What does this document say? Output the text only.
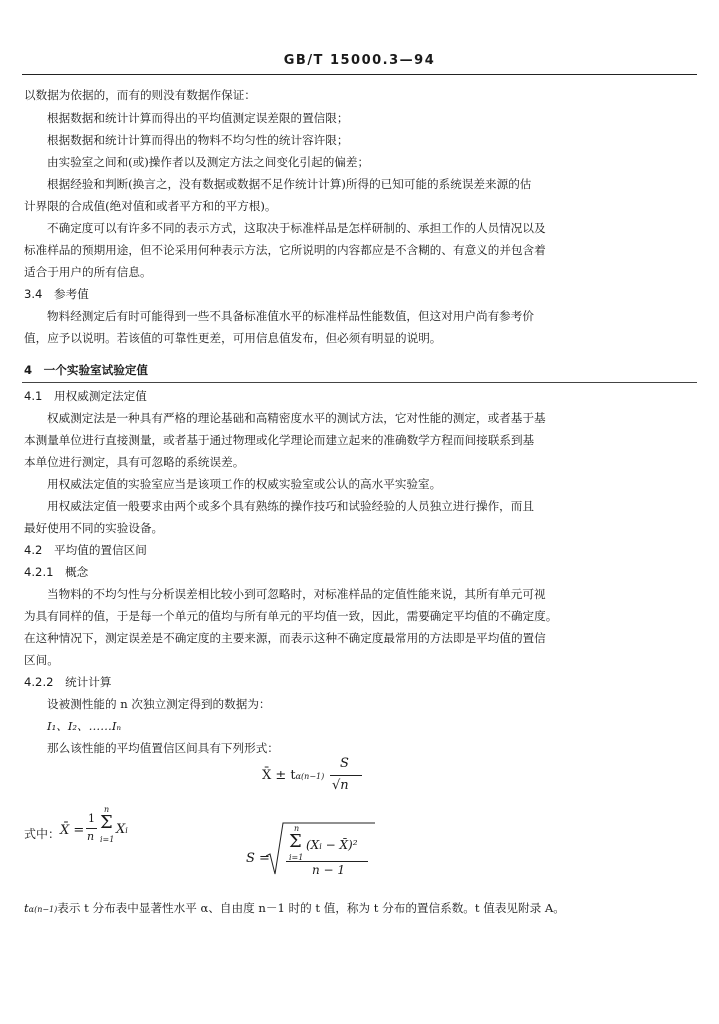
GB/T 15000.3—94
以数据为依据的，而有的则没有数据作保证：
根据数据和统计计算而得出的平均值测定误差限的置信限；
根据数据和统计计算而得出的物料不均匀性的统计容许限；
由实验室之间和(或)操作者以及测定方法之间变化引起的偏差；
根据经验和判断(换言之，没有数据或数据不足作统计计算)所得的已知可能的系统误差来源的估
计界限的合成值(绝对值和或者平方和的平方根)。
不确定度可以有许多不同的表示方式，这取决于标准样品是怎样研制的、承担工作的人员情况以及
标准样品的预期用途，但不论采用何种表示方法，它所说明的内容都应是不含糊的、有意义的并包含着
适合于用户的所有信息。
3.4　参考值
物料经测定后有时可能得到一些不具备标准值水平的标准样品性能数值，但这对用户尚有参考价
值，应予以说明。若该值的可靠性更差，可用信息值发布，但必须有明显的说明。
4　一个实验室试验定值
4.1　用权威测定法定值
权威测定法是一种具有严格的理论基础和高精密度水平的测试方法，它对性能的测定，或者基于基
本测量单位进行直接测量，或者基于通过物理或化学理论而建立起来的准确数学方程而间接联系到基
本单位进行测定，具有可忽略的系统误差。
用权威法定值的实验室应当是该项工作的权威实验室或公认的高水平实验室。
用权威法定值一般要求由两个或多个具有熟练的操作技巧和试验经验的人员独立进行操作，而且
最好使用不同的实验设备。
4.2　平均值的置信区间
4.2.1　概念
当物料的不均匀性与分析误差相比较小到可忽略时，对标准样品的定值性能来说，其所有单元可视
为具有同样的值，于是每一个单元的值均与所有单元的平均值一致，因此，需要确定平均值的不确定度。
在这种情况下，测定误差是不确定度的主要来源，而表示这种不确定度最常用的方法即是平均值的置信
区间。
4.2.2　统计计算
设被测性能的 n 次独立测定得到的数据为：
I₁、I₂、……Iₙ
那么该性能的平均值置信区间具有下列形式：
X̄ ± tα(n−1)
S
√n
式中： X̄ =
1
n
n
Σ
i=1
Xi
S =
n
Σ
i=1
(Xi − X̄)²
n − 1
tα(n−1)表示 t 分布表中显著性水平 α、自由度 n－1 时的 t 值，称为 t 分布的置信系数。t 值表见附录 A。
